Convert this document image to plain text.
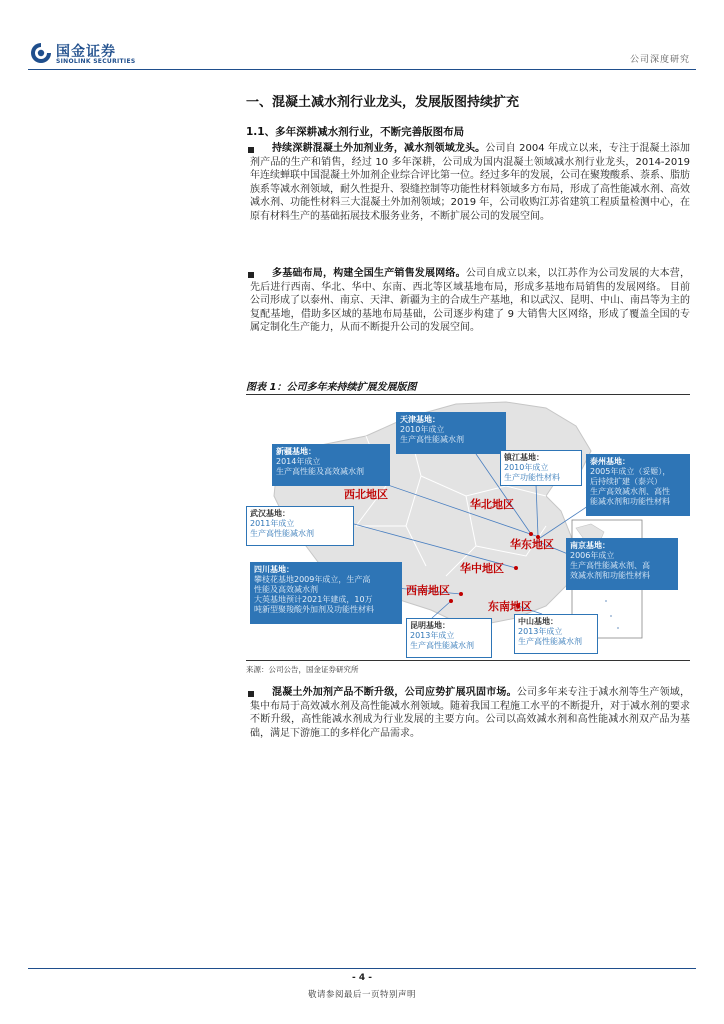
国金证券
SINOLINK SECURITIES	公司深度研究
一、混凝土减水剂行业龙头，发展版图持续扩充
1.1、多年深耕减水剂行业，不断完善版图布局
持续深耕混凝土外加剂业务，减水剂领域龙头。公司自 2004 年成立以来，专注于混凝土添加剂产品的生产和销售，经过 10 多年深耕，公司成为国内混凝土领域减水剂行业龙头，2014-2019 年连续蝉联中国混凝土外加剂企业综合评比第一位。经过多年的发展，公司在聚羧酸系、萘系、脂肪族系等减水剂领域，耐久性提升、裂缝控制等功能性材料领域多方布局，形成了高性能减水剂、高效减水剂、功能性材料三大混凝土外加剂领域；2019 年，公司收购江苏省建筑工程质量检测中心，在原有材料生产的基础拓展技术服务业务，不断扩展公司的发展空间。
多基础布局，构建全国生产销售发展网络。公司自成立以来，以江苏作为公司发展的大本营，先后进行西南、华北、华中、东南、西北等区域基地布局，形成多基地布局销售的发展网络。 目前公司形成了以泰州、南京、天津、新疆为主的合成生产基地，和以武汉、昆明、中山、南昌等为主的复配基地，借助多区域的基地布局基础，公司逐步构建了 9 大销售大区网络，形成了覆盖全国的专属定制化生产能力，从而不断提升公司的发展空间。
图表 1：公司多年来持续扩展发展版图
西北地区
华北地区
华东地区
华中地区
西南地区
东南地区
天津基地：
2010年成立
生产高性能减水剂
新疆基地：
2014年成立
生产高性能及高效减水剂
镇江基地：
2010年成立
生产功能性材料
泰州基地：
2005年成立（妥姬），
后持续扩建（泰兴）
生产高效减水剂、高性
能减水剂和功能性材料
武汉基地：
2011年成立
生产高性能减水剂
四川基地：
攀枝花基地2009年成立，生产高
性能及高效减水剂
大英基地预计2021年建成，10万
吨新型聚羧酸外加剂及功能性材料
南京基地：
2006年成立
生产高性能减水剂、高
效减水剂和功能性材料
昆明基地：
2013年成立
生产高性能减水剂
中山基地：
2013年成立
生产高性能减水剂
来源：公司公告，国金证券研究所
混凝土外加剂产品不断升级，公司应势扩展巩固市场。公司多年来专注于减水剂等生产领域，集中布局于高效减水剂及高性能减水剂领域。随着我国工程施工水平的不断提升，对于减水剂的要求不断升级，高性能减水剂成为行业发展的主要方向。公司以高效减水剂和高性能减水剂双产品为基础，满足下游施工的多样化产品需求。
- 4 -
敬请参阅最后一页特别声明
